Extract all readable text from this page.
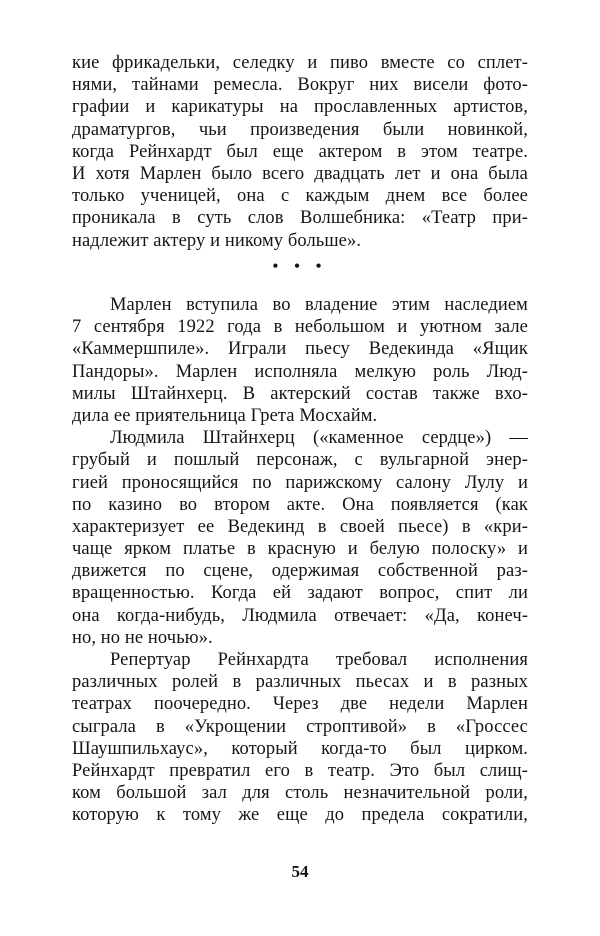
кие фрикадельки, селедку и пиво вместе со сплет-
нями, тайнами ремесла. Вокруг них висели фото-
графии и карикатуры на прославленных артистов,
драматургов, чьи произведения были новинкой,
когда Рейнхардт был еще актером в этом театре.
И хотя Марлен было всего двадцать лет и она была
только ученицей, она с каждым днем все более
проникала в суть слов Волшебника: «Театр при-
надлежит актеру и никому больше».
• • •
Марлен вступила во владение этим наследием
7 сентября 1922 года в небольшом и уютном зале
«Каммершпиле». Играли пьесу Ведекинда «Ящик
Пандоры». Марлен исполняла мелкую роль Люд-
милы Штайнхерц. В актерский состав также вхо-
дила ее приятельница Грета Мосхайм.
Людмила Штайнхерц («каменное сердце») —
грубый и пошлый персонаж, с вульгарной энер-
гией проносящийся по парижскому салону Лулу и
по казино во втором акте. Она появляется (как
характеризует ее Ведекинд в своей пьесе) в «кри-
чаще ярком платье в красную и белую полоску» и
движется по сцене, одержимая собственной раз-
вращенностью. Когда ей задают вопрос, спит ли
она когда-нибудь, Людмила отвечает: «Да, конеч-
но, но не ночью».
Репертуар Рейнхардта требовал исполнения
различных ролей в различных пьесах и в разных
театрах поочередно. Через две недели Марлен
сыграла в «Укрощении строптивой» в «Гроссес
Шаушпильхаус», который когда-то был цирком.
Рейнхардт превратил его в театр. Это был слищ-
ком большой зал для столь незначительной роли,
которую к тому же еще до предела сократили,
54
